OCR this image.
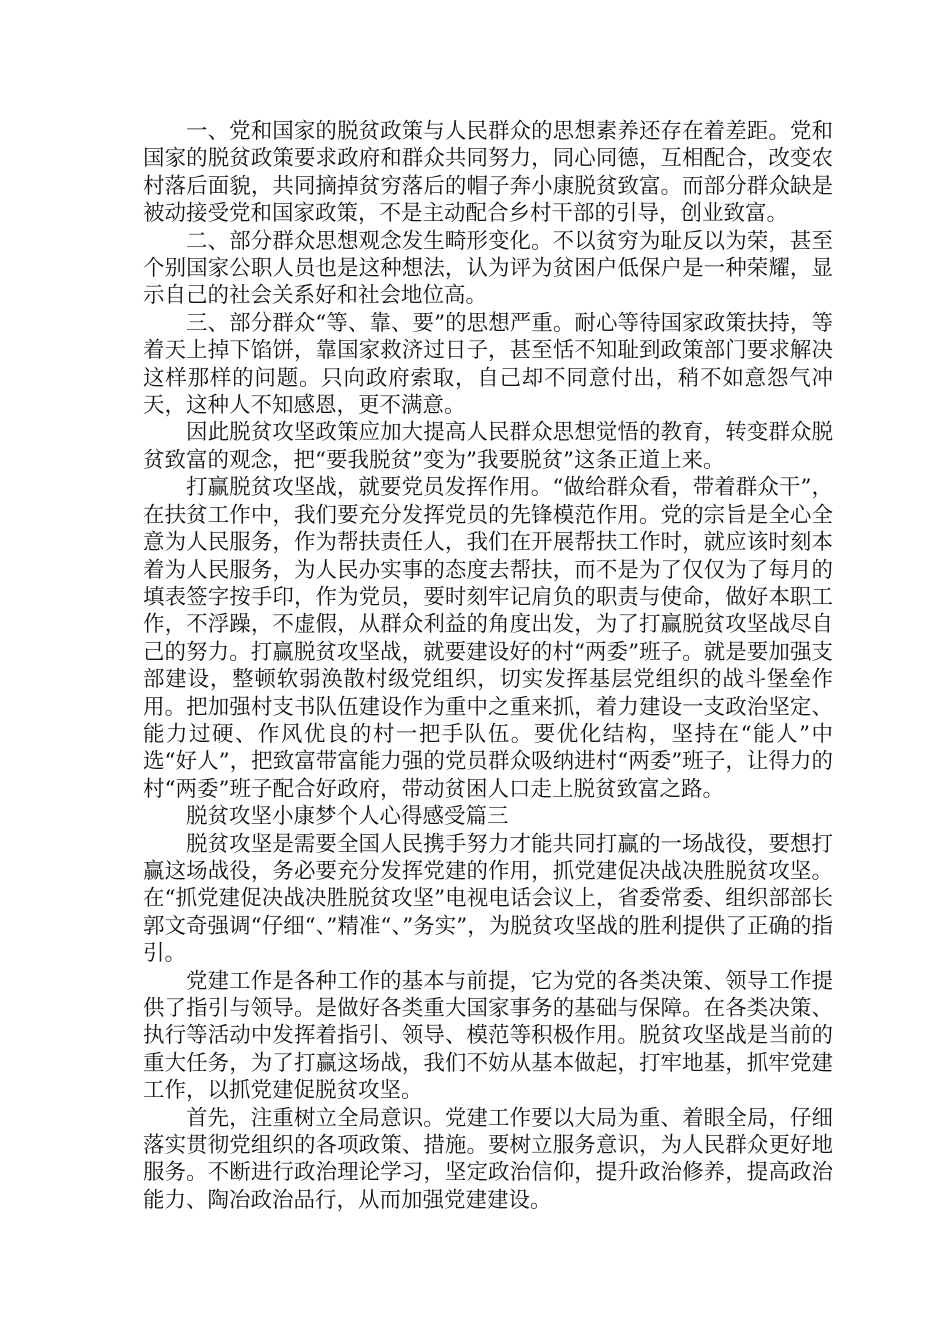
一、党和国家的脱贫政策与人民群众的思想素养还存在着差距。党和国家的脱贫政策要求政府和群众共同努力，同心同德，互相配合，改变农村落后面貌，共同摘掉贫穷落后的帽子奔小康脱贫致富。而部分群众缺是被动接受党和国家政策，不是主动配合乡村干部的引导，创业致富。

二、部分群众思想观念发生畸形变化。不以贫穷为耻反以为荣，甚至个别国家公职人员也是这种想法，认为评为贫困户低保户是一种荣耀，显示自己的社会关系好和社会地位高。

三、部分群众“等、靠、要”的思想严重。耐心等待国家政策扶持，等着天上掉下馅饼，靠国家救济过日子，甚至恬不知耻到政策部门要求解决这样那样的问题。只向政府索取，自己却不同意付出，稍不如意怨气冲天，这种人不知感恩，更不满意。

因此脱贫攻坚政策应加大提高人民群众思想觉悟的教育，转变群众脱贫致富的观念，把“要我脱贫”变为”我要脱贫”这条正道上来。

打赢脱贫攻坚战，就要党员发挥作用。“做给群众看，带着群众干”，在扶贫工作中，我们要充分发挥党员的先锋模范作用。党的宗旨是全心全意为人民服务，作为帮扶责任人，我们在开展帮扶工作时，就应该时刻本着为人民服务，为人民办实事的态度去帮扶，而不是为了仅仅为了每月的填表签字按手印，作为党员，要时刻牢记肩负的职责与使命，做好本职工作，不浮躁，不虚假，从群众利益的角度出发，为了打赢脱贫攻坚战尽自己的努力。打赢脱贫攻坚战，就要建设好的村“两委”班子。就是要加强支部建设，整顿软弱涣散村级党组织，切实发挥基层党组织的战斗堡垒作用。把加强村支书队伍建设作为重中之重来抓，着力建设一支政治坚定、能力过硬、作风优良的村一把手队伍。要优化结构，坚持在“能人”中选“好人”，把致富带富能力强的党员群众吸纳进村“两委”班子，让得力的村“两委”班子配合好政府，带动贫困人口走上脱贫致富之路。

脱贫攻坚小康梦个人心得感受篇三

脱贫攻坚是需要全国人民携手努力才能共同打赢的一场战役，要想打赢这场战役，务必要充分发挥党建的作用，抓党建促决战决胜脱贫攻坚。在“抓党建促决战决胜脱贫攻坚”电视电话会议上，省委常委、组织部部长郭文奇强调“仔细“、”精准“、”务实”，为脱贫攻坚战的胜利提供了正确的指引。

党建工作是各种工作的基本与前提，它为党的各类决策、领导工作提供了指引与领导。是做好各类重大国家事务的基础与保障。在各类决策、执行等活动中发挥着指引、领导、模范等积极作用。脱贫攻坚战是当前的重大任务，为了打赢这场战，我们不妨从基本做起，打牢地基，抓牢党建工作，以抓党建促脱贫攻坚。

首先，注重树立全局意识。党建工作要以大局为重、着眼全局，仔细落实贯彻党组织的各项政策、措施。要树立服务意识，为人民群众更好地服务。不断进行政治理论学习，坚定政治信仰，提升政治修养，提高政治能力、陶冶政治品行，从而加强党建建设。
